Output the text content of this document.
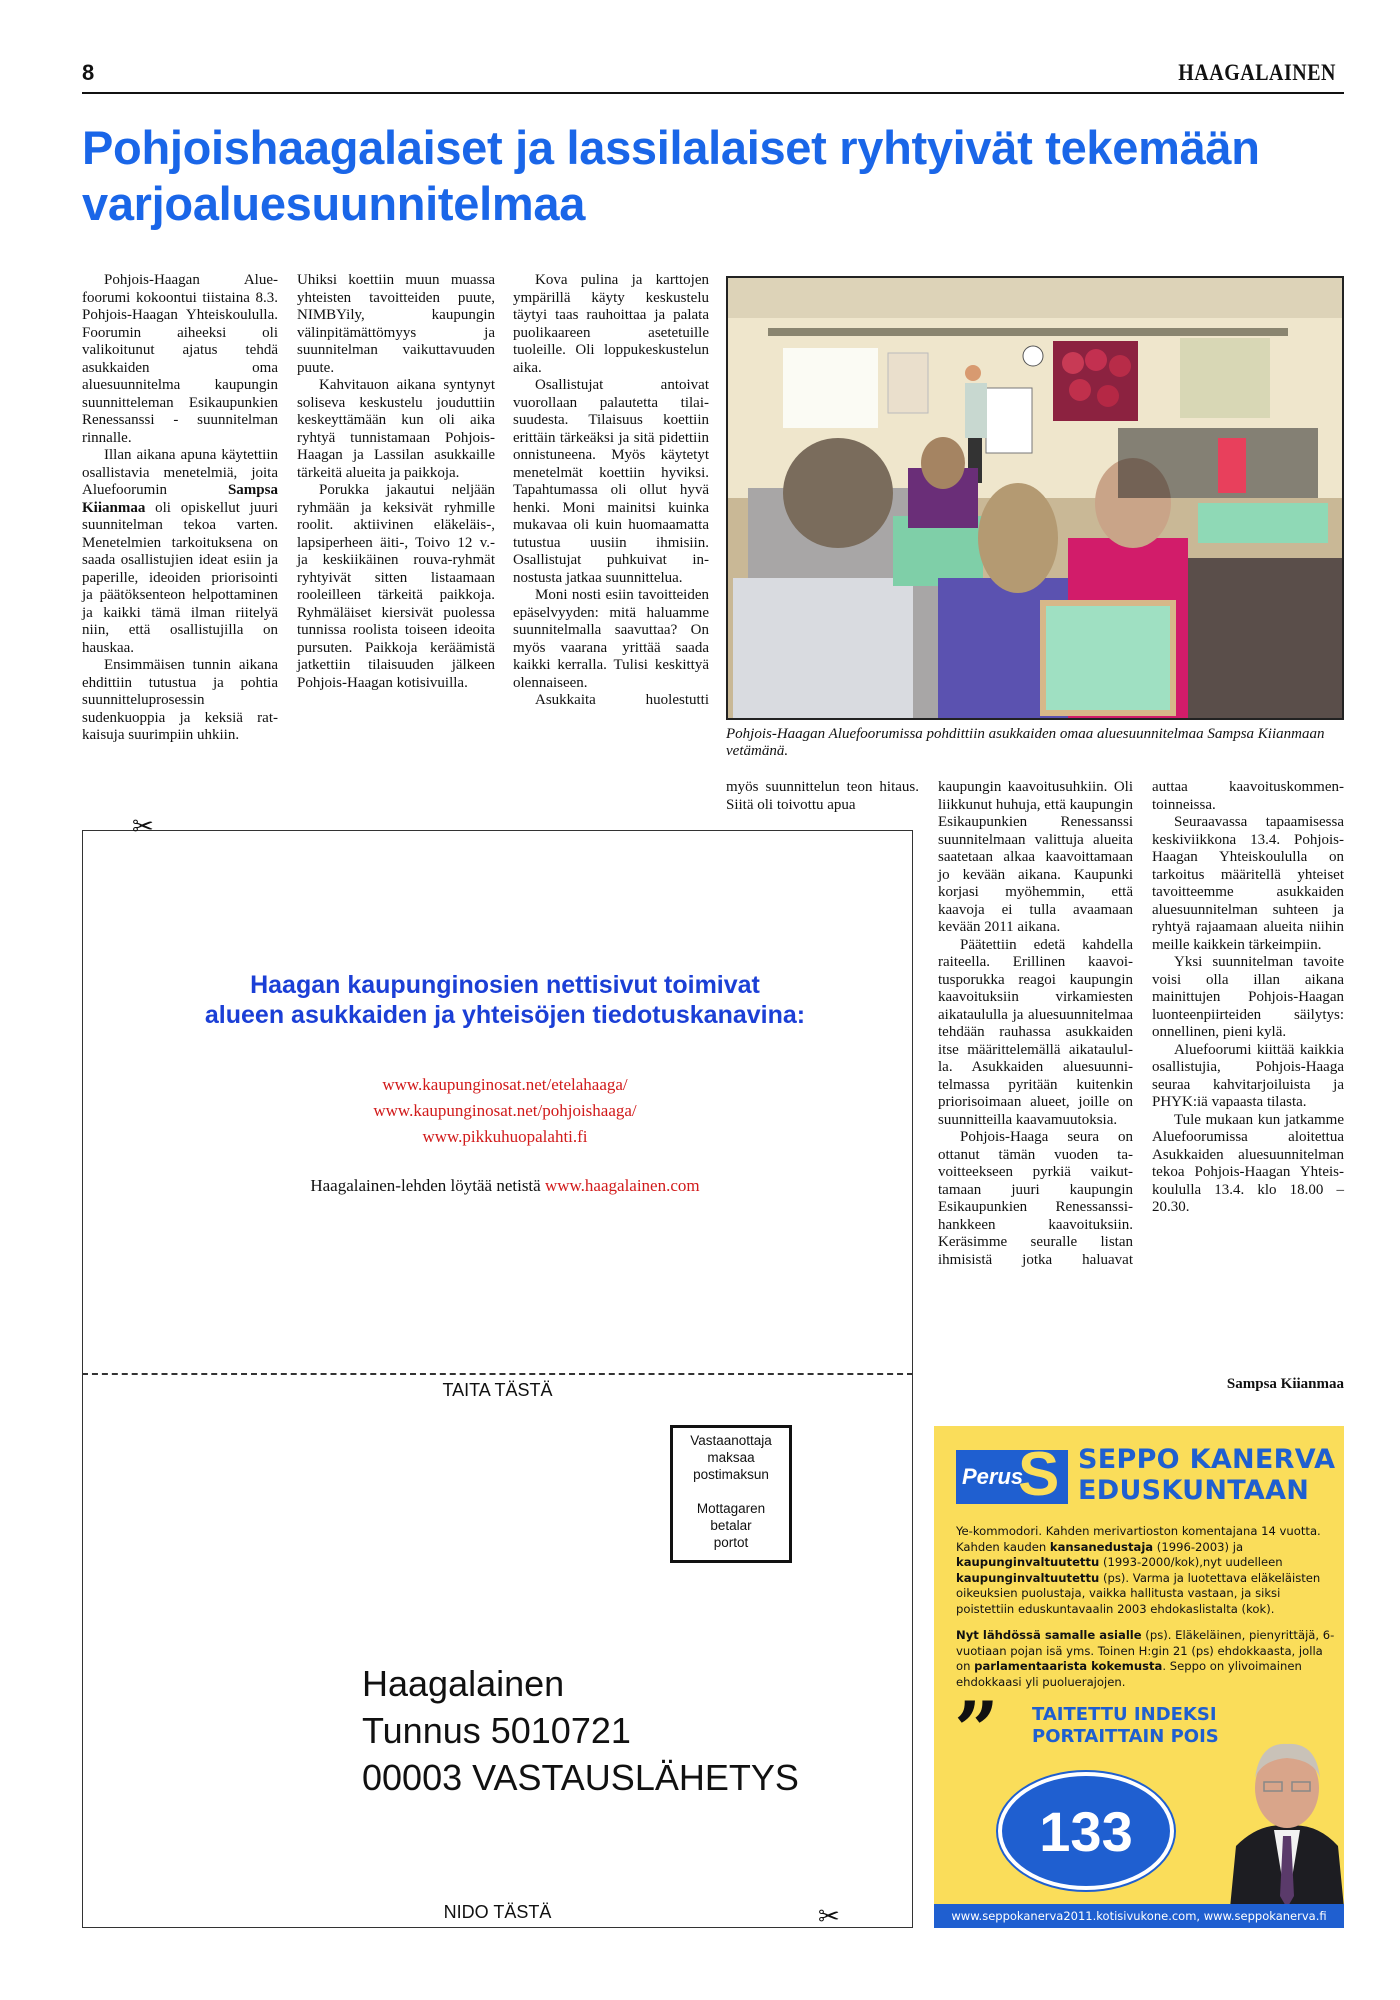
8	HAAGALAINEN
Pohjoishaagalaiset ja lassilalaiset ryhtyivät tekemään varjoaluesuunnitelmaa

Pohjois-Haagan Aluefoorumi kokoontui tiistaina 8.3. Pohjois-Haagan Yhteiskoululla. Foorumin aiheeksi oli valikoitunut ajatus tehdä asukkaiden oma aluesuunnitelma kaupungin suunnitteleman Esikaupunkien Renessanssi - suunnitelman rinnalle.

Illan aikana apuna käytettiin osallistavia menetelmiä, joita Aluefoorumin	Sampsa Kiianmaa oli opiskellut juuri suunnitelman tekoa varten. Menetelmien tarkoituksena on saada osallistujien ideat esiin ja paperille, ideoiden priorisointi ja päätöksenteon helpottaminen ja kaikki tämä ilman riitelyä niin, että osallistujilla on hauskaa.

Ensimmäisen tunnin aikana ehdittiin tutustua ja pohtia suunnitteluprosessin sudenkuoppia ja keksiä ratkaisuja suurimpiin uhkiin.

Uhiksi koettiin muun muassa yhteisten tavoitteiden puute, NIMBYily, kaupungin välinpitämättömyys ja suunnitelman vaikuttavuuden puute.

Kahvitauon aikana syntynyt soliseva keskustelu jouduttiin keskeyttämään kun oli aika ryhtyä tunnistamaan Pohjois-Haagan ja Lassilan asukkaille tärkeitä alueita ja paikkoja.

Porukka jakautui neljään ryhmään ja keksivät ryhmille roolit. aktiivinen eläkeläis-, lapsiperheen äiti-, Toivo 12 v.- ja keskiikäinen rouva-ryhmät ryhtyivät sitten listaamaan rooleilleen tärkeitä paikkoja. Ryhmäläiset kiersivät puolessa tunnissa roolista toiseen ideoita pursuten. Paikkoja keräämistä jatkettiin tilaisuuden jälkeen Pohjois-Haagan kotisivuilla.

Kova pulina ja karttojen ympärillä käyty keskustelu täytyi taas rauhoittaa ja palata puolikaareen asetetuille tuoleille. Oli loppukeskustelun aika.

Osallistujat antoivat vuorollaan palautetta tilaisuudesta. Tilaisuus koettiin erittäin tärkeäksi ja sitä pidettiin onnistuneena. Myös käytetyt menetelmät koettiin hyviksi. Tapahtumassa oli ollut hyvä henki. Moni mainitsi kuinka mukavaa oli kuin huomaamatta tutustua uusiin ihmisiin. Osallistujat puhkuivat innostusta jatkaa suunnittelua.

Moni nosti esiin tavoitteiden epäselvyyden: mitä haluamme suunnitelmalla saavuttaa? On myös vaarana yrittää saada kaikki kerralla. Tulisi keskittyä olennaiseen.

Asukkaita huolestutti

Pohjois-Haagan Aluefoorumissa pohdittiin asukkaiden omaa aluesuunnitelmaa Sampsa Kiianmaan vetämänä.

myös suunnittelun teon hitaus. Siitä oli toivottu apua

kaupungin kaavoitusuhkiin. Oli liikkunut huhuja, että kaupungin Esikaupunkien Renessanssi suunnitelmaan valittuja alueita saatetaan alkaa kaavoittamaan jo kevään aikana. Kaupunki korjasi myöhemmin, että kaavoja ei tulla avaamaan kevään 2011 aikana.

Päätettiin edetä kahdella raiteella. Erillinen kaavoitusporukka reagoi kaupungin kaavoituksiin virkamiesten aikataululla ja aluesuunnitelmaa tehdään rauhassa asukkaiden itse määrittelemällä aikataululla. Asukkaiden aluesuunnitelmassa pyritään kuitenkin priorisoimaan alueet, joille on suunnitteilla kaavamuutoksia.

Pohjois-Haaga seura on ottanut tämän vuoden tavoitteekseen pyrkiä vaikuttamaan juuri kaupungin Esikaupunkien Renessanssi-hankkeen kaavoituksiin. Keräsimme seuralle listan ihmisistä jotka haluavat

auttaa kaavoituskommentoinneissa.

Seuraavassa tapaamisessa keskiviikkona 13.4. Pohjois-Haagan Yhteiskoululla on tarkoitus määritellä yhteiset tavoitteemme asukkaiden aluesuunnitelman suhteen ja ryhtyä rajaamaan alueita niihin meille kaikkein tärkeimpiin.

Yksi suunnitelman tavoite voisi olla illan aikana mainittujen Pohjois-Haagan luonteenpiirteiden säilytys: onnellinen, pieni kylä.

Aluefoorumi kiittää kaikkia osallistujia, Pohjois-Haaga seuraa kahvitarjoiluista ja PHYK:iä vapaasta tilasta.

Tule mukaan kun jatkamme Aluefoorumissa aloitettua Asukkaiden aluesuunnitelman tekoa Pohjois-Haagan Yhteiskoululla 13.4. klo 18.00 – 20.30.

Sampsa Kiianmaa
✂
Haagan kaupunginosien nettisivut toimivat
alueen asukkaiden ja yhteisöjen tiedotuskanavina:
www.kaupunginosat.net/etelahaaga/
www.kaupunginosat.net/pohjoishaaga/
www.pikkuhuopalahti.fi
Haagalainen-lehden löytää netistä www.haagalainen.com
TAITA TÄSTÄ
Vastaanottaja
maksaa
postimaksun
Mottagaren
betalar
portot
Haagalainen
Tunnus 5010721
00003 VASTAUSLÄHETYS
NIDO TÄSTÄ	✂
Perus
S SEPPO KANERVA
EDUSKUNTAAN

Ye-kommodori. Kahden merivartioston komentajana 14 vuotta. Kahden kauden kansanedustaja (1996-2003) ja kaupunginvaltuutettu (1993-2000/kok),nyt uudelleen kaupunginvaltuutettu (ps). Varma ja luotettava eläkeläisten oikeuksien puolustaja, vaikka hallitusta vastaan, ja siksi poistettiin eduskuntavaalin 2003 ehdokaslistalta (kok).

Nyt lähdössä samalle asialle (ps). Eläkeläinen, pienyrittäjä, 6-vuotiaan pojan isä yms. Toinen H:gin 21 (ps) ehdokkaasta, jolla on parlamentaarista kokemusta. Seppo on ylivoimainen ehdokkaasi yli puoluerajojen.

” TAITETTU INDEKSI
PORTAITTAIN POIS
133
www.seppokanerva2011.kotisivukone.com, www.seppokanerva.fi
